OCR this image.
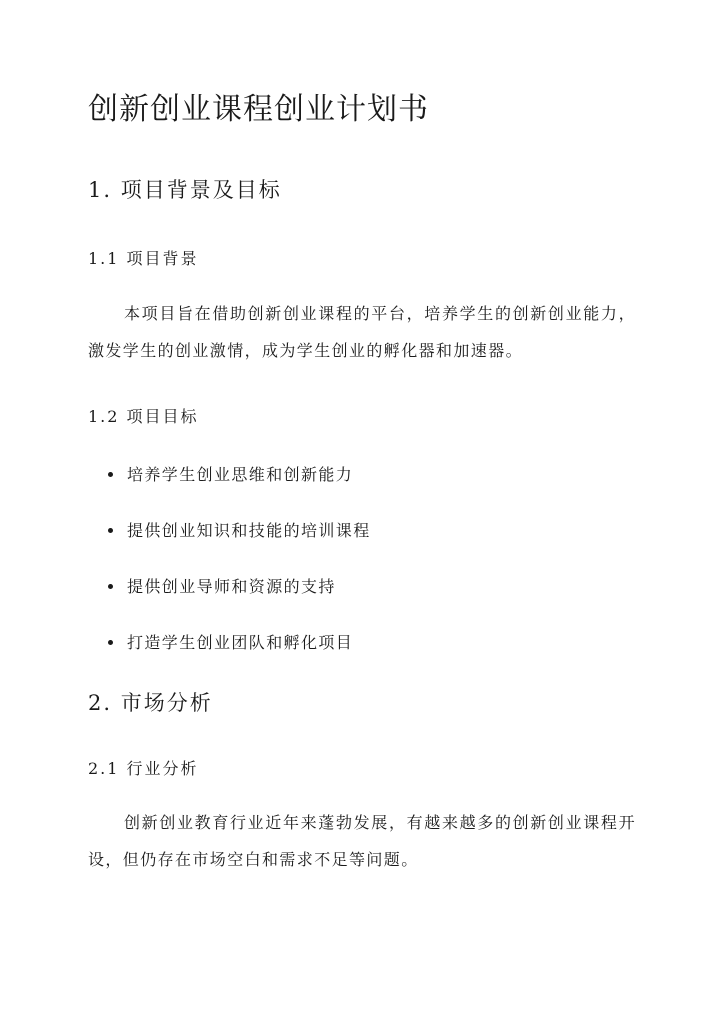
创新创业课程创业计划书
1. 项目背景及目标
1.1 项目背景

本项目旨在借助创新创业课程的平台，培养学生的创新创业能力，激发学生的创业激情，成为学生创业的孵化器和加速器。

1.2 项目目标
培养学生创业思维和创新能力
提供创业知识和技能的培训课程
提供创业导师和资源的支持
打造学生创业团队和孵化项目
2. 市场分析
2.1 行业分析

创新创业教育行业近年来蓬勃发展，有越来越多的创新创业课程开设，但仍存在市场空白和需求不足等问题。
